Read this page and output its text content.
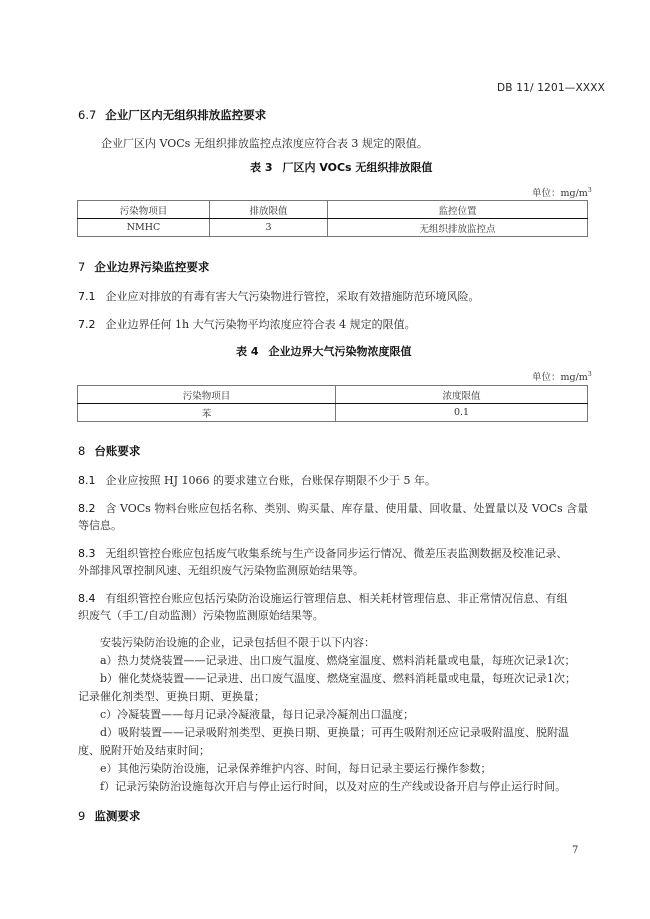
DB 11/ 1201—XXXX
6.7 企业厂区内无组织排放监控要求
企业厂区内 VOCs 无组织排放监控点浓度应符合表 3 规定的限值。
表 3 厂区内 VOCs 无组织排放限值
单位：$mg/m^3$
污染物项目	排放限值	监控位置
NMHC	3	无组织排放监控点
7 企业边界污染监控要求
7.1 企业应对排放的有毒有害大气污染物进行管控，采取有效措施防范环境风险。
7.2 企业边界任何 1h 大气污染物平均浓度应符合表 4 规定的限值。
表 4 企业边界大气污染物浓度限值
单位：$mg/m^3$
污染物项目	浓度限值
苯	0.1
8 台账要求
8.1 企业应按照 HJ 1066 的要求建立台账，台账保存期限不少于 5 年。
8.2 含 VOCs 物料台账应包括名称、类别、购买量、库存量、使用量、回收量、处置量以及 VOCs 含量
等信息。
8.3 无组织管控台账应包括废气收集系统与生产设备同步运行情况、微差压表监测数据及校准记录、
外部排风罩控制风速、无组织废气污染物监测原始结果等。
8.4 有组织管控台账应包括污染防治设施运行管理信息、相关耗材管理信息、非正常情况信息、有组
织废气（手工/自动监测）污染物监测原始结果等。
安装污染防治设施的企业，记录包括但不限于以下内容：
a）热力焚烧装置——记录进、出口废气温度、燃烧室温度、燃料消耗量或电量，每班次记录1次；
b）催化焚烧装置——记录进、出口废气温度、燃烧室温度、燃料消耗量或电量，每班次记录1次；
记录催化剂类型、更换日期、更换量；
c）冷凝装置——每月记录冷凝液量，每日记录冷凝剂出口温度；
d）吸附装置——记录吸附剂类型、更换日期、更换量；可再生吸附剂还应记录吸附温度、脱附温
度、脱附开始及结束时间；
e）其他污染防治设施，记录保养维护内容、时间，每日记录主要运行操作参数；
f）记录污染防治设施每次开启与停止运行时间，以及对应的生产线或设备开启与停止运行时间。
9 监测要求
7
